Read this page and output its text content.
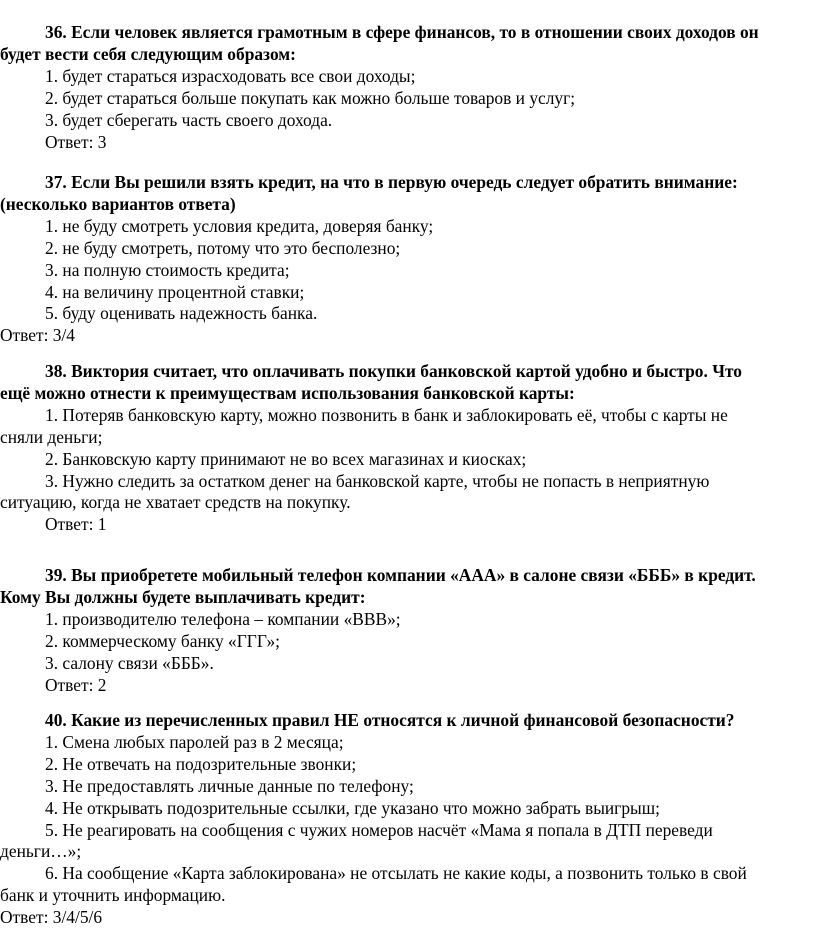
36. Если человек является грамотным в сфере финансов, то в отношении своих доходов он
будет вести себя следующим образом:
1. будет стараться израсходовать все свои доходы;
2. будет стараться больше покупать как можно больше товаров и услуг;
3. будет сберегать часть своего дохода.
Ответ: 3
37. Если Вы решили взять кредит, на что в первую очередь следует обратить внимание:
(несколько вариантов ответа)
1. не буду смотреть условия кредита, доверяя банку;
2. не буду смотреть, потому что это бесполезно;
3. на полную стоимость кредита;
4. на величину процентной ставки;
5. буду оценивать надежность банка.
Ответ: 3/4
38. Виктория считает, что оплачивать покупки банковской картой удобно и быстро. Что
ещё можно отнести к преимуществам использования банковской карты:
1. Потеряв банковскую карту, можно позвонить в банк и заблокировать её, чтобы с карты не
сняли деньги;
2. Банковскую карту принимают не во всех магазинах и киосках;
3. Нужно следить за остатком денег на банковской карте, чтобы не попасть в неприятную
ситуацию, когда не хватает средств на покупку.
Ответ: 1
39. Вы приобретете мобильный телефон компании «ААА» в салоне связи «БББ» в кредит.
Кому Вы должны будете выплачивать кредит:
1. производителю телефона – компании «ВВВ»;
2. коммерческому банку «ГГГ»;
3. салону связи «БББ».
Ответ: 2
40. Какие из перечисленных правил НЕ относятся к личной финансовой безопасности?
1. Смена любых паролей раз в 2 месяца;
2. Не отвечать на подозрительные звонки;
3. Не предоставлять личные данные по телефону;
4. Не открывать подозрительные ссылки, где указано что можно забрать выигрыш;
5. Не реагировать на сообщения с чужих номеров насчёт «Мама я попала в ДТП переведи
деньги…»;
6. На сообщение «Карта заблокирована» не отсылать не какие коды, а позвонить только в свой
банк и уточнить информацию.
Ответ: 3/4/5/6
